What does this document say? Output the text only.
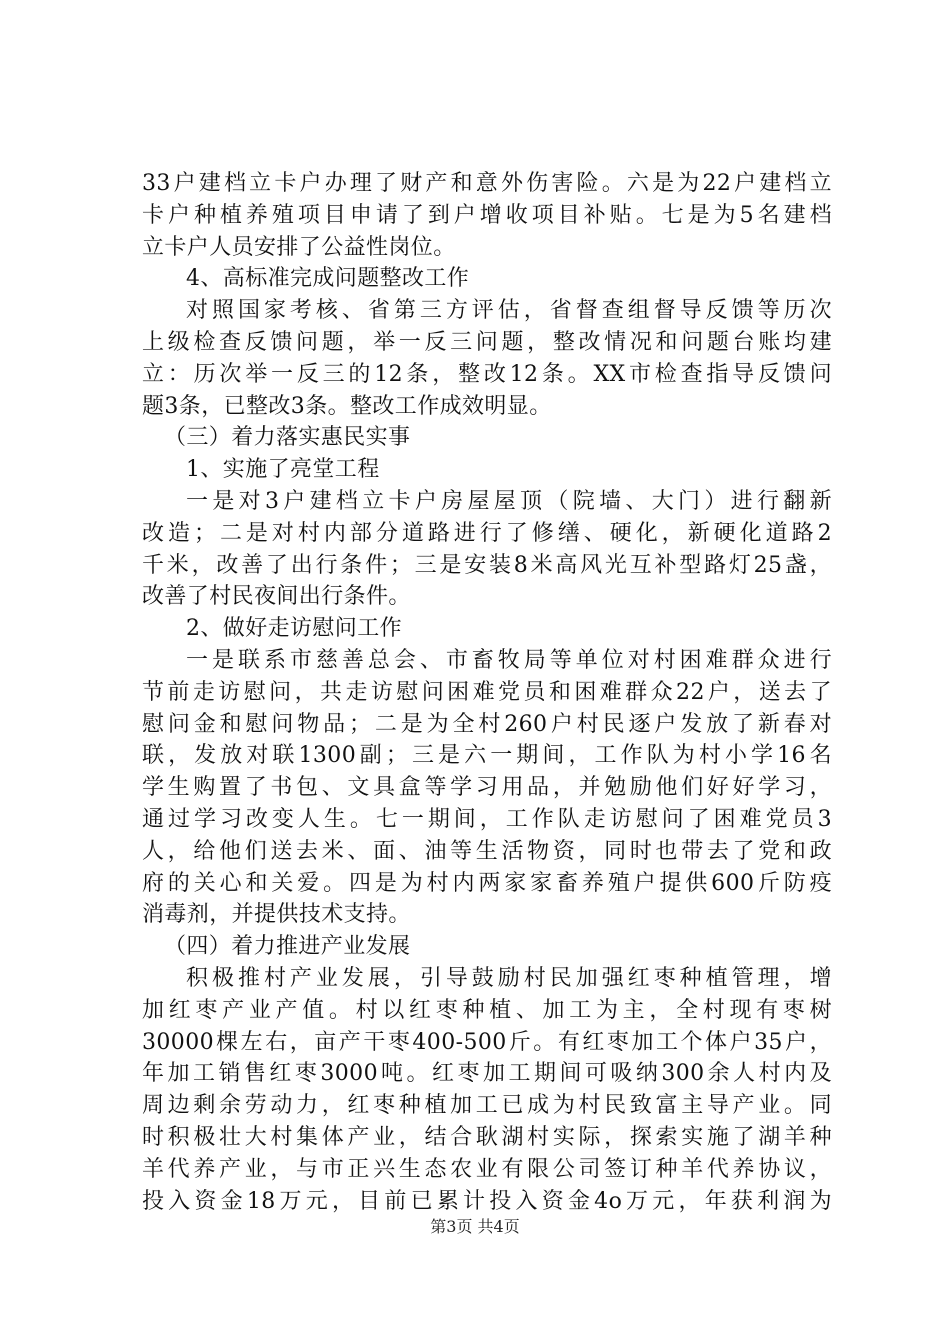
33户建档立卡户办理了财产和意外伤害险。六是为22户建档立
卡户种植养殖项目申请了到户增收项目补贴。七是为5名建档
立卡户人员安排了公益性岗位。
4、高标准完成问题整改工作
对照国家考核、省第三方评估，省督查组督导反馈等历次
上级检查反馈问题，举一反三问题，整改情况和问题台账均建
立：历次举一反三的12条，整改12条。XX市检查指导反馈问
题3条，已整改3条。整改工作成效明显。
（三）着力落实惠民实事
1、实施了亮堂工程
一是对3户建档立卡户房屋屋顶（院墙、大门）进行翻新
改造；二是对村内部分道路进行了修缮、硬化，新硬化道路2
千米，改善了出行条件；三是安装8米高风光互补型路灯25盏，
改善了村民夜间出行条件。
2、做好走访慰问工作
一是联系市慈善总会、市畜牧局等单位对村困难群众进行
节前走访慰问，共走访慰问困难党员和困难群众22户，送去了
慰问金和慰问物品；二是为全村260户村民逐户发放了新春对
联，发放对联1300副；三是六一期间，工作队为村小学16名
学生购置了书包、文具盒等学习用品，并勉励他们好好学习，
通过学习改变人生。七一期间，工作队走访慰问了困难党员3
人，给他们送去米、面、油等生活物资，同时也带去了党和政
府的关心和关爱。四是为村内两家家畜养殖户提供600斤防疫
消毒剂，并提供技术支持。
（四）着力推进产业发展
积极推村产业发展，引导鼓励村民加强红枣种植管理，增
加红枣产业产值。村以红枣种植、加工为主，全村现有枣树
30000棵左右，亩产干枣400-500斤。有红枣加工个体户35户，
年加工销售红枣3000吨。红枣加工期间可吸纳300余人村内及
周边剩余劳动力，红枣种植加工已成为村民致富主导产业。同
时积极壮大村集体产业，结合耿湖村实际，探索实施了湖羊种
羊代养产业，与市正兴生态农业有限公司签订种羊代养协议，
投入资金18万元，目前已累计投入资金4o万元，年获利润为
第3页 共4页
